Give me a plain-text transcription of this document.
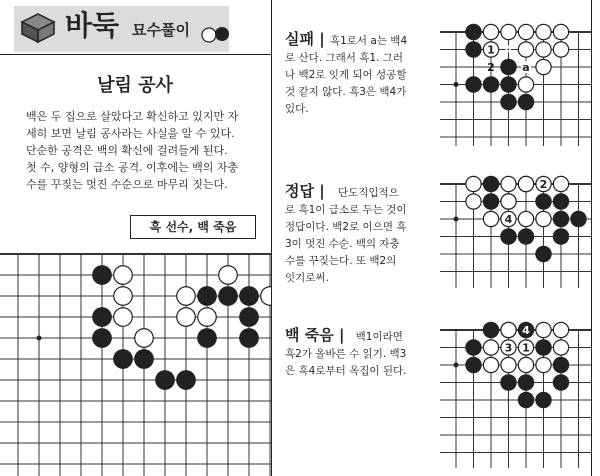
바둑 묘수풀이
날림 공사
백은 두 집으로 살았다고 확신하고 있지만 자
세히 보면 날림 공사라는 사실을 알 수 있다.
단순한 공격은 백의 확신에 걸려들게 된다.
첫 수, 양형의 급소 공격. 이후에는 백의 자충
수를 꾸짖는 멋진 수순으로 마무리 짓는다.
흑 선수, 백 죽음
실패 | 흑1로서 a는 백4
로 산다. 그래서 흑1. 그러
나 백2로 잇게 되어 성공할
것 같지 않다. 흑3은 백4가
있다.
정답 | 단도직입적으
로 흑1이 급소로 두는 것이
정답이다. 백2로 이으면 흑
3이 멋진 수순. 백의 자충
수를 꾸짖는다. 또 백2의
잇기로써.
백 죽음 | 백1이라면
흑2가 올바른 수 읽기. 백3
은 흑4로부터 옥집이 된다.
3
1 4
2 a
1 2
3
4 5
4
3 1
2
